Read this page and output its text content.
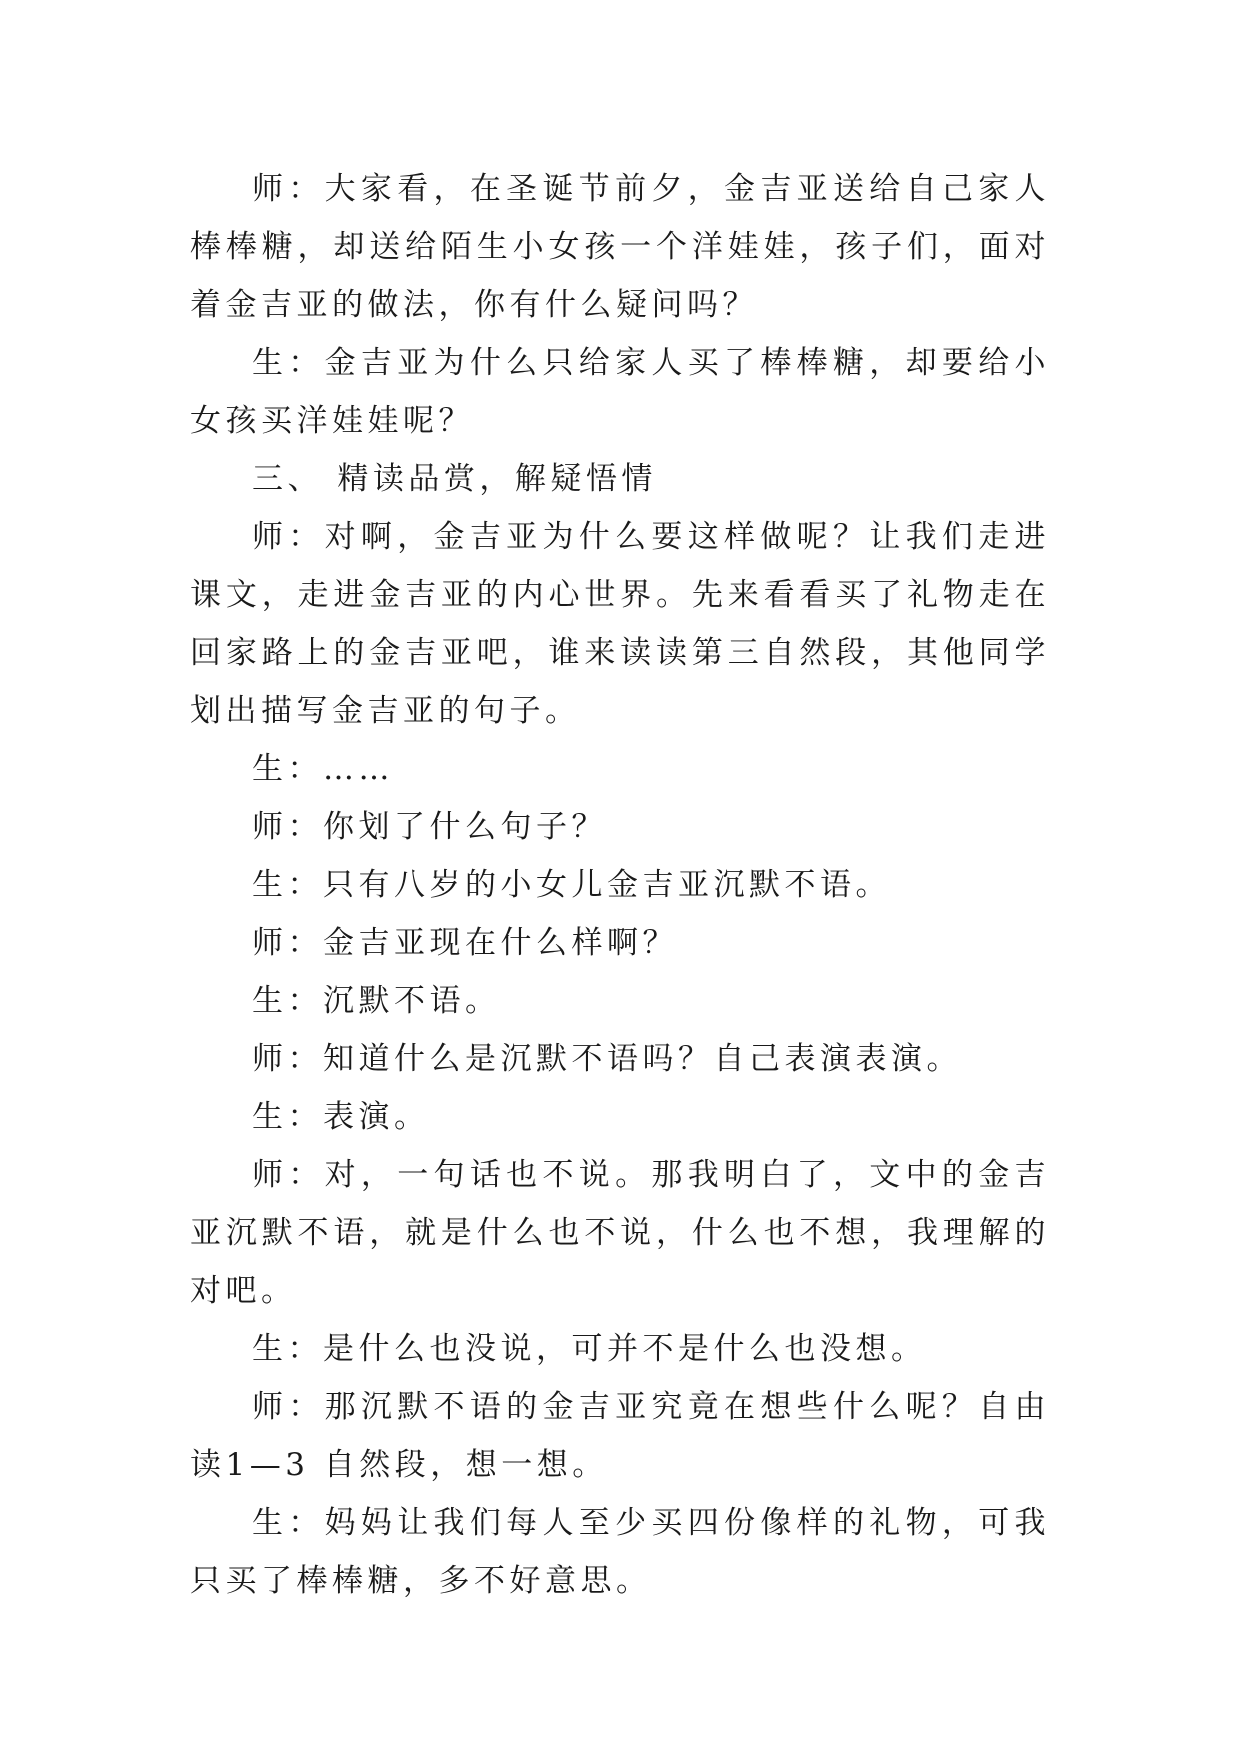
师：大家看，在圣诞节前夕，金吉亚送给自己家人棒棒糖，却送给陌生小女孩一个洋娃娃，孩子们，面对着金吉亚的做法，你有什么疑问吗？

生：金吉亚为什么只给家人买了棒棒糖，却要给小女孩买洋娃娃呢？

三、 精读品赏，解疑悟情

师：对啊，金吉亚为什么要这样做呢？让我们走进课文，走进金吉亚的内心世界。先来看看买了礼物走在回家路上的金吉亚吧，谁来读读第三自然段，其他同学划出描写金吉亚的句子。

生：……

师：你划了什么句子？

生：只有八岁的小女儿金吉亚沉默不语。

师：金吉亚现在什么样啊？

生：沉默不语。

师：知道什么是沉默不语吗？自己表演表演。

生：表演。

师：对，一句话也不说。那我明白了，文中的金吉亚沉默不语，就是什么也不说，什么也不想，我理解的对吧。

生：是什么也没说，可并不是什么也没想。

师：那沉默不语的金吉亚究竟在想些什么呢？自由读1—3 自然段，想一想。

生：妈妈让我们每人至少买四份像样的礼物，可我只买了棒棒糖，多不好意思。
